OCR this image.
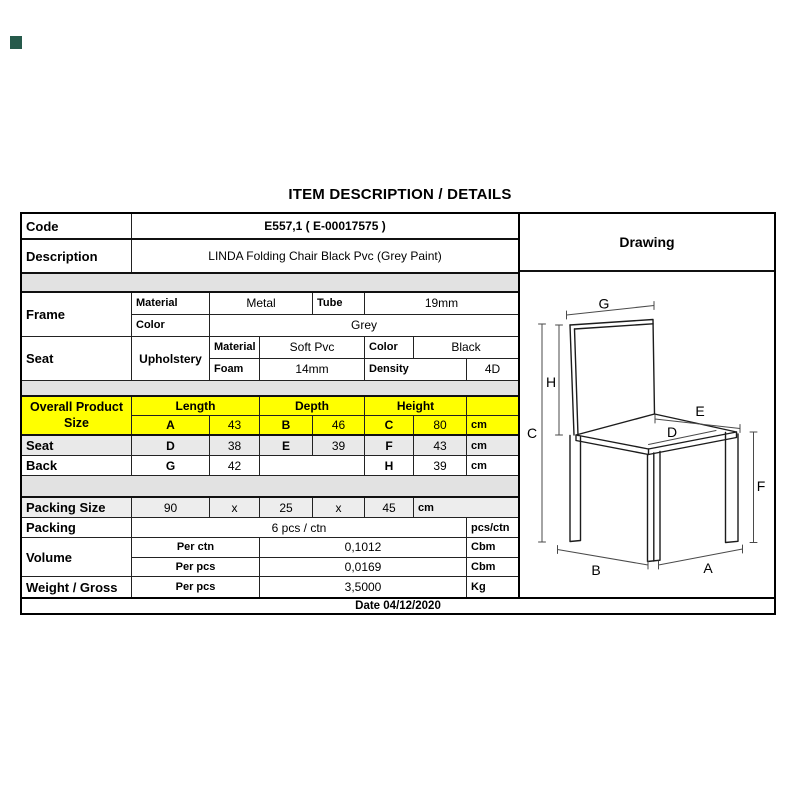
ITEM DESCRIPTION / DETAILS
Code	E557,1 ( E-00017575 )
Description	LINDA Folding Chair Black Pvc (Grey Paint)
Frame
Material	Metal	Tube	19mm
Color	Grey
Seat	Upholstery
Material	Soft Pvc	Color	Black
Foam	14mm	Density	4D
Overall Product Size
Length	Depth	Height
A	43	B	46	C	80	cm
Seat	D	38	E	39	F	43	cm
Back	G	42	H	39	cm
Packing Size	90	x	25	x	45	cm
Packing	6 pcs / ctn	pcs/ctn
Volume
Per ctn	0,1012	Cbm
Per pcs	0,0169	Cbm
Weight / Gross	Per pcs	3,5000	Kg
Drawing
G
H
C
E
D
F
B	A
Date 04/12/2020
